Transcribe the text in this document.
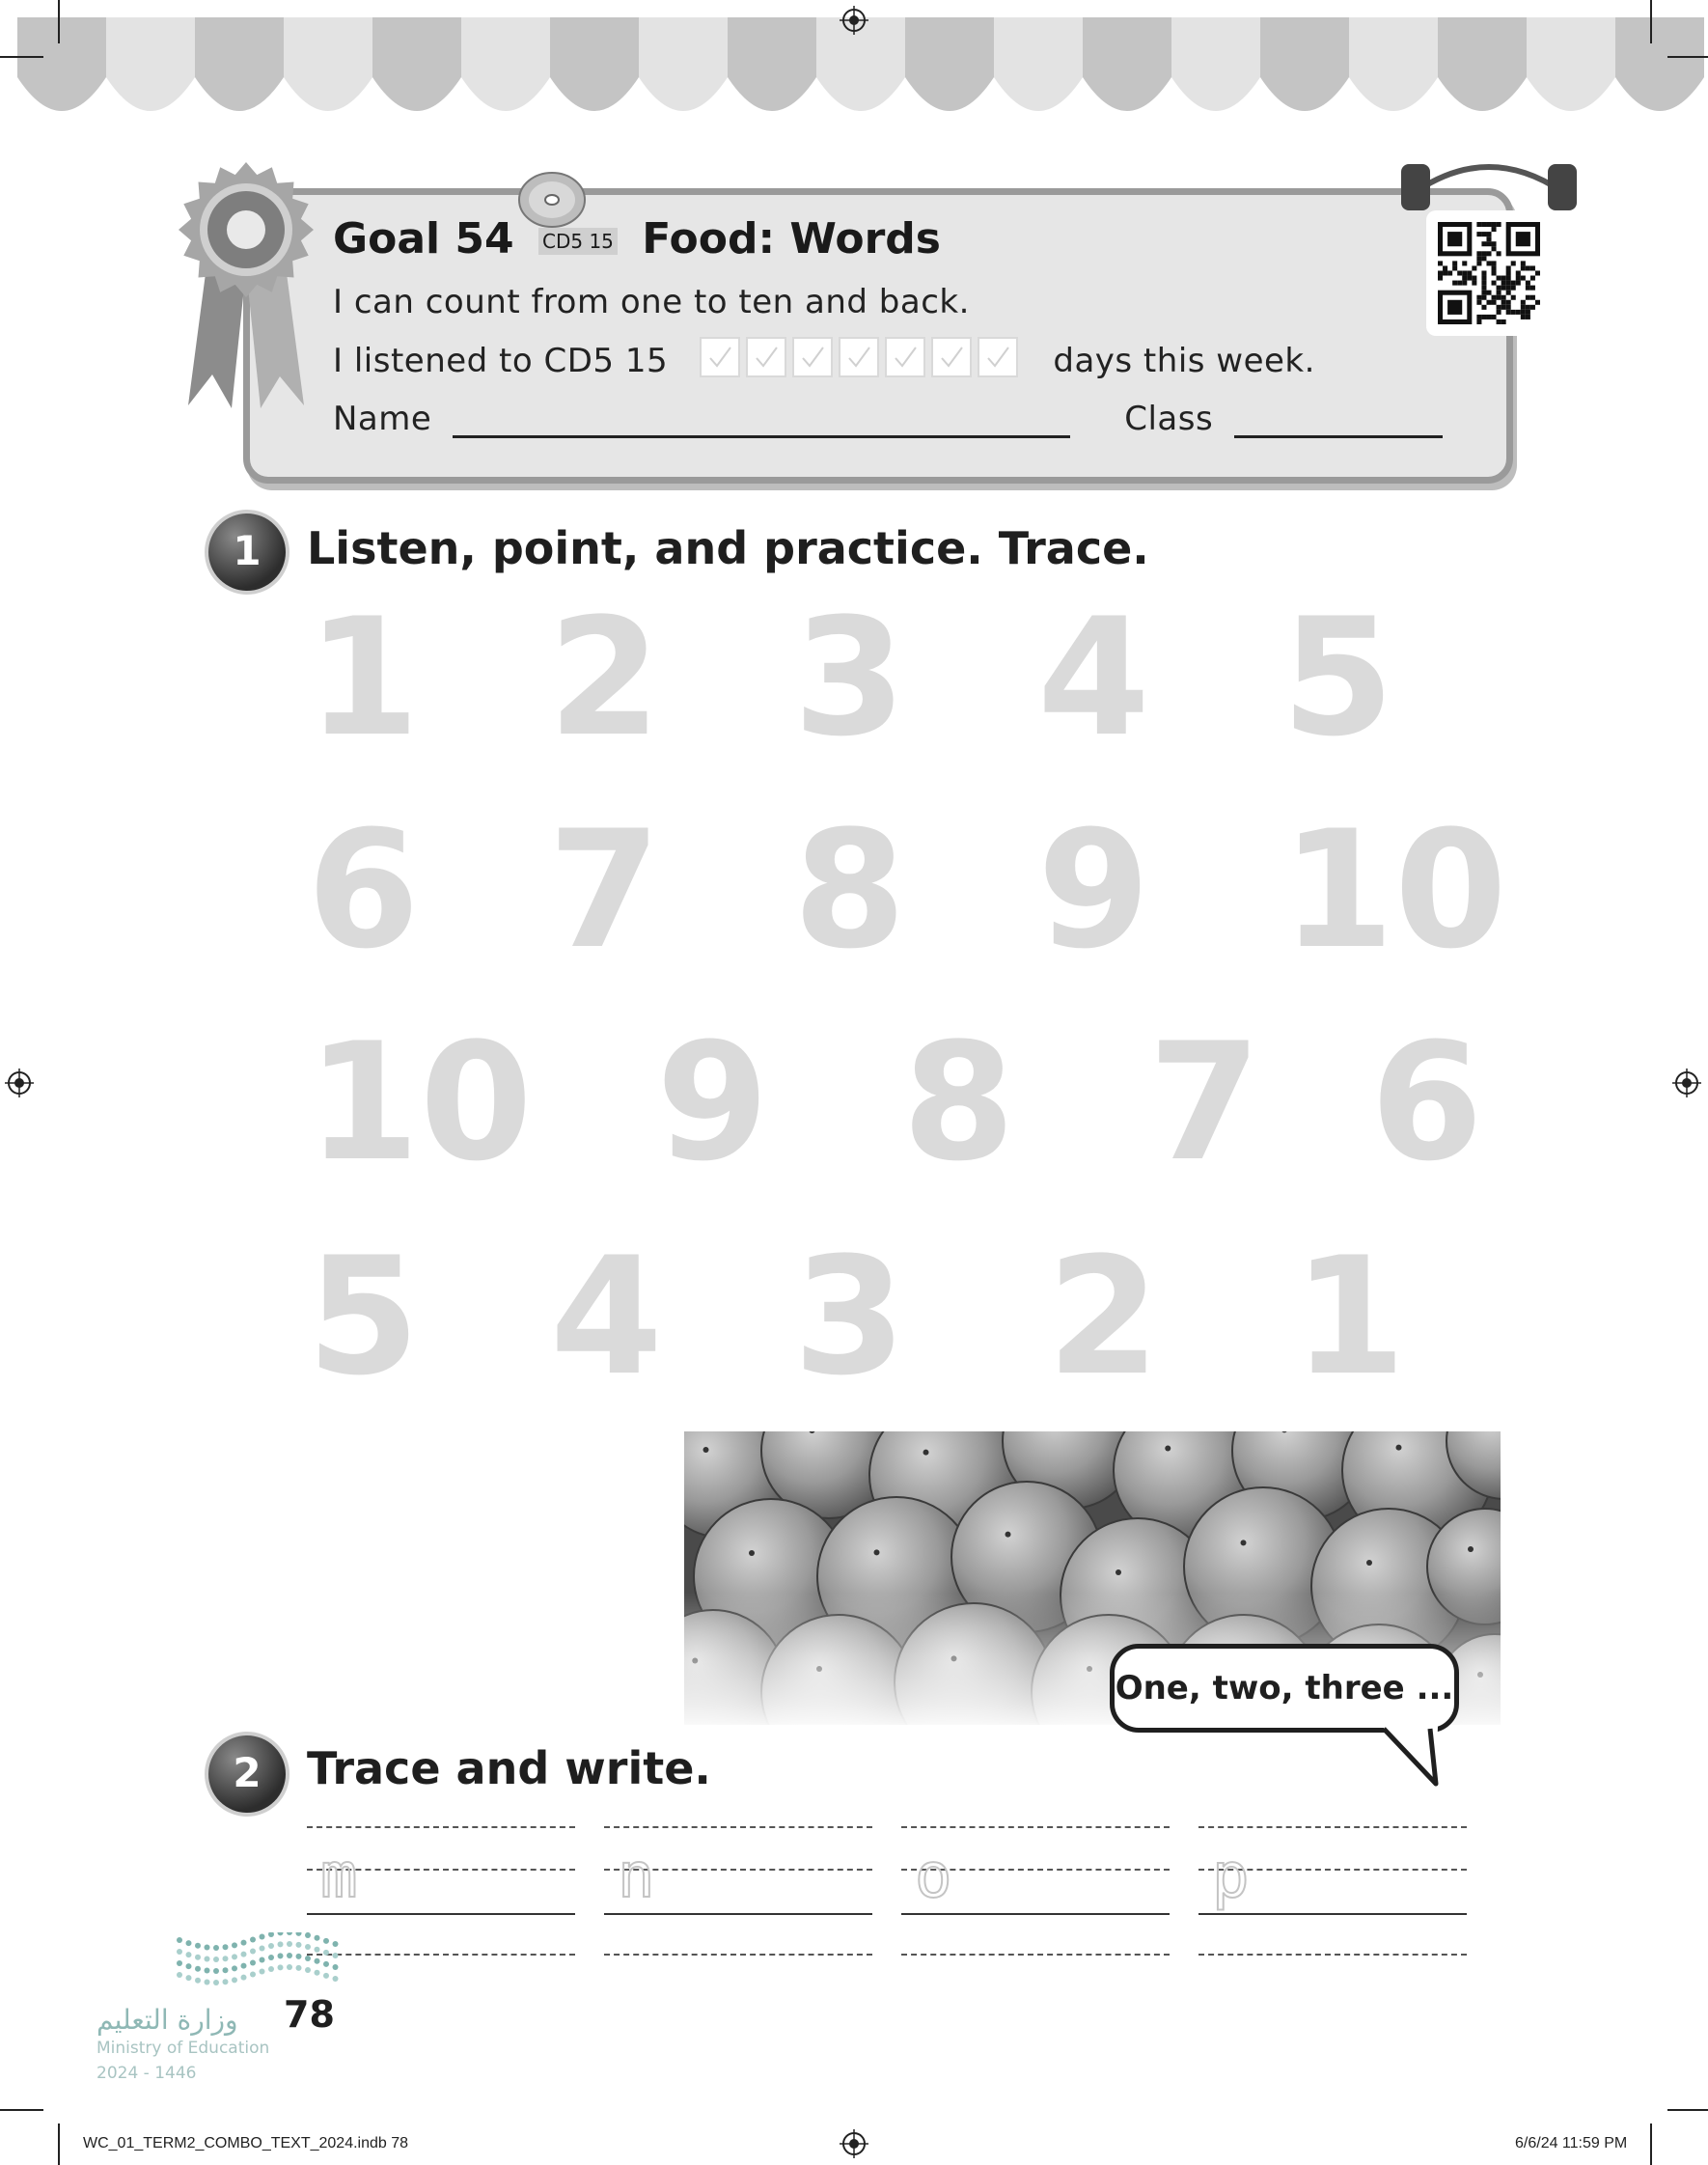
Goal 54 CD5 15 Food: Words
I can count from one to ten and back.
I listened to CD5 15	days this week.
Name	Class
1	Listen, point, and practice. Trace.
1 2 3 4 5
6 7 8 9 10
10 9 8 7 6
5 4 3 2 1
One, two, three ...
2	Trace and write.
m	n	o	p
وزارة التعليم
Ministry of Education
2024 - 1446
78
WC_01_TERM2_COMBO_TEXT_2024.indb 78	6/6/24 11:59 PM
